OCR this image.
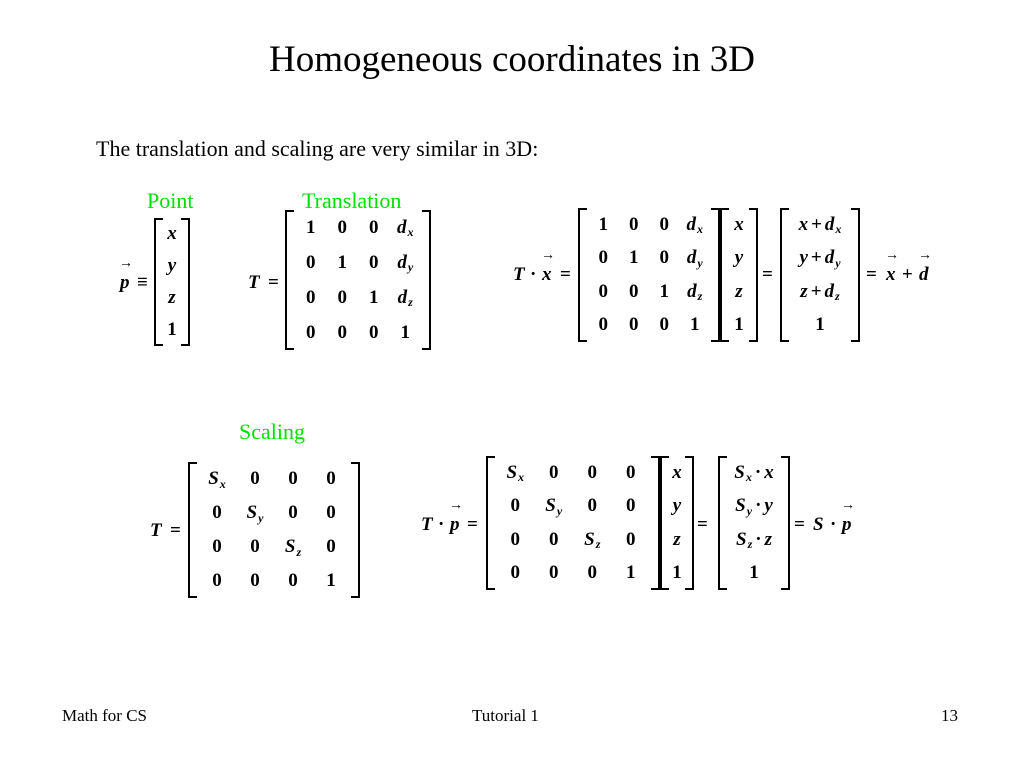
Homogeneous coordinates in 3D
The translation and scaling are very similar in 3D:
Point	Translation
Scaling
→
p ≡
x
y
z
1
T =
1 0 0 d x
0 1 0 d y
0 0 1 d z
0 0 0 1
T ·
→
x =
1 0 0 d x
0 1 0 d y
0 0 1 d z
0 0 0 1
x
y
z
1
=
x + d x
y + d y
z + d z
1
=
→
x +
→
d
T =
S x 0 0 0
0 S y 0 0
0 0 S z 0
0 0 0 1
T ·
→
p =
S x 0 0 0
0 S y 0 0
0 0 S z 0
0 0 0 1
x
y
z
1
=
S x · x
S y · y
S z · z
1
= S ·
→
p
Math for CS	Tutorial 1	13
